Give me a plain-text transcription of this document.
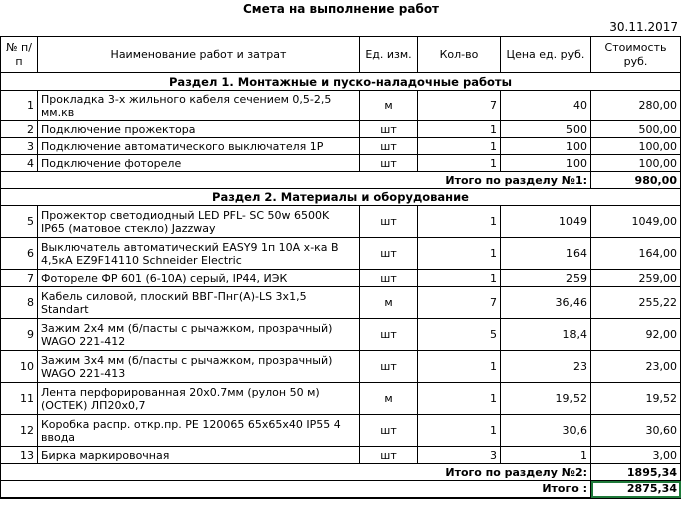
Смета на выполнение работ
30.11.2017
№ п/п	Наименование работ и затрат	Ед. изм.	Кол-во	Цена ед. руб.	Стоимость руб.
Раздел 1. Монтажные и пуско-наладочные работы					
1	Прокладка 3-х жильного кабеля сечением 0,5-2,5 мм.кв	м	7	40	280,00
2	Подключение прожектора	шт	1	500	500,00
3	Подключение автоматического выключателя 1Р	шт	1	100	100,00
4	Подключение фотореле	шт	1	100	100,00
Итого по разделу №1:					980,00
Раздел 2. Материалы и оборудование					
5	Прожектор светодиодный LED PFL- SC 50w 6500K IP65 (матовое стекло) Jazzway	шт	1	1049	1049,00
6	Выключатель автоматический EASY9 1п 10А х-ка В 4,5кА EZ9F14110 Schneider Electric	шт	1	164	164,00
7	Фотореле ФР 601 (6-10А) серый, IP44, ИЭК	шт	1	259	259,00
8	Кабель силовой, плоский ВВГ-Пнг(А)-LS 3х1,5 Standart	м	7	36,46	255,22
9	Зажим 2х4 мм (б/пасты с рычажком, прозрачный) WAGO 221-412	шт	5	18,4	92,00
10	Зажим 3х4 мм (б/пасты с рычажком, прозрачный) WAGO 221-413	шт	1	23	23,00
11	Лента перфорированная 20х0.7мм (рулон 50 м) (ОСТЕК) ЛП20х0,7	м	1	19,52	19,52
12	Коробка распр. откр.пр. PE 120065 65х65х40 IP55 4 ввода	шт	1	30,6	30,60
13	Бирка маркировочная	шт	3	1	3,00
Итого по разделу №2:					1895,34
Итого :					2875,34
